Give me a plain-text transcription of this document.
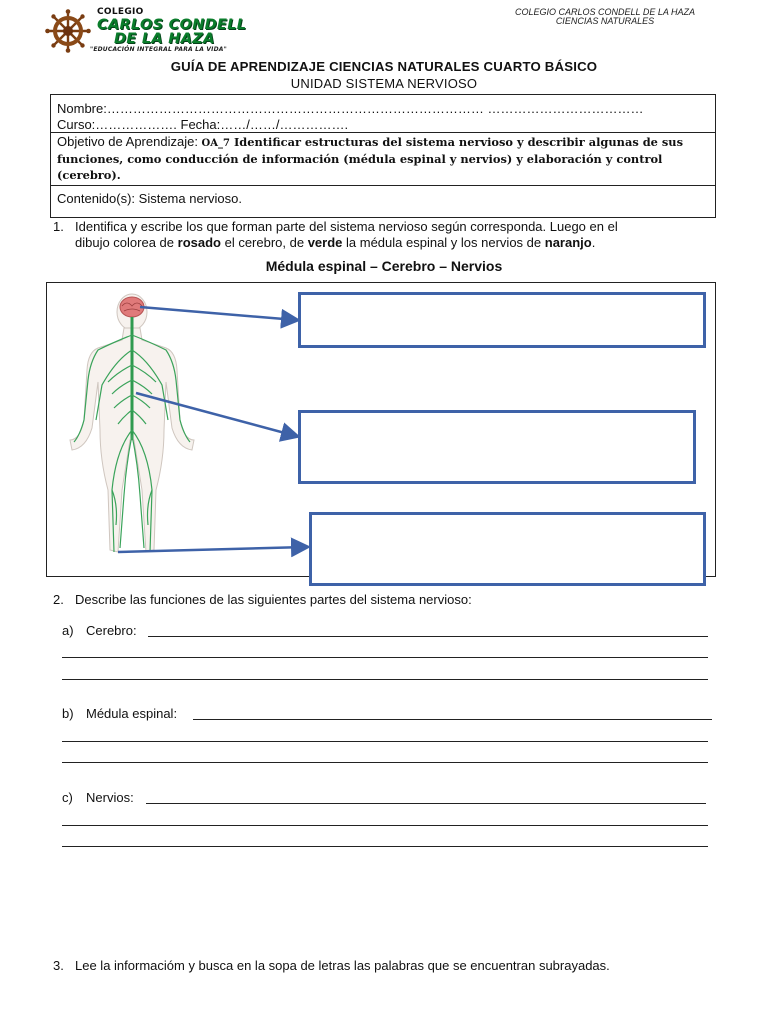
COLEGIO
CARLOS CONDELL
DE LA HAZA
"EDUCACIÓN INTEGRAL PARA LA VIDA"
COLEGIO CARLOS CONDELL DE LA HAZA
CIENCIAS NATURALES
GUÍA DE APRENDIZAJE CIENCIAS NATURALES CUARTO BÁSICO
UNIDAD SISTEMA NERVIOSO
Nombre:…………………………………………………………………………… ………………………………
Curso:………………. Fecha:……/……/…………….
Objetivo de Aprendizaje: OA_7 Identificar estructuras del sistema nervioso y describir algunas de sus funciones, como conducción de información (médula espinal y nervios) y elaboración y control (cerebro).
Contenido(s): Sistema nervioso.
1. Identifica y escribe los que forman parte del sistema nervioso según corresponda. Luego en el
dibujo colorea de rosado el cerebro, de verde la médula espinal y los nervios de naranjo.
Médula espinal – Cerebro – Nervios
2. Describe las funciones de las siguientes partes del sistema nervioso:
a) Cerebro:
b) Médula espinal:
c) Nervios:
3. Lee la informacióm y busca en la sopa de letras las palabras que se encuentran subrayadas.
